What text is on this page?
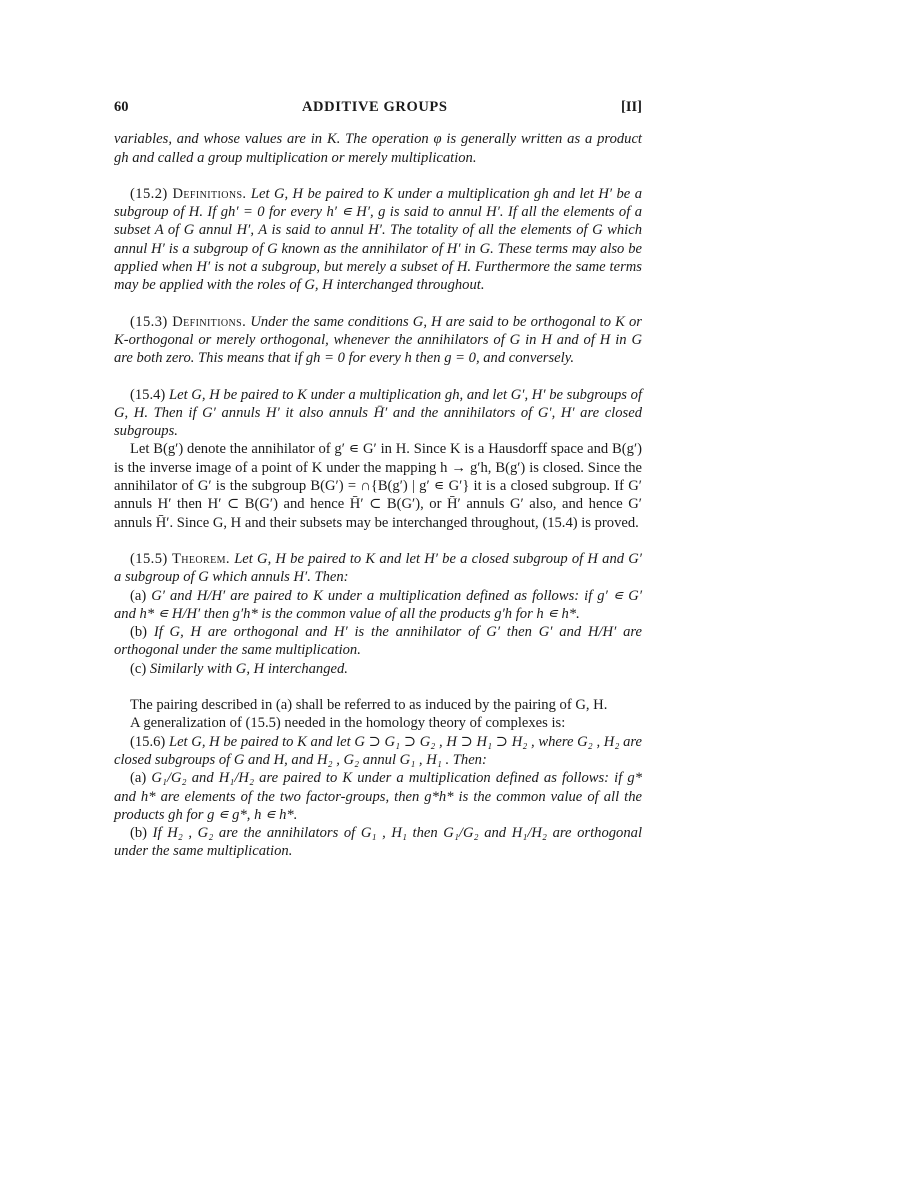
60	ADDITIVE GROUPS	[II]

variables, and whose values are in K. The operation φ is generally written as a product gh and called a group multiplication or merely multiplication.

(15.2) Definitions. Let G, H be paired to K under a multiplication gh and let H′ be a subgroup of H. If gh′ = 0 for every h′ ∊ H′, g is said to annul H′. If all the elements of a subset A of G annul H′, A is said to annul H′. The totality of all the elements of G which annul H′ is a subgroup of G known as the annihilator of H′ in G. These terms may also be applied when H′ is not a subgroup, but merely a subset of H. Furthermore the same terms may be applied with the roles of G, H interchanged throughout.

(15.3) Definitions. Under the same conditions G, H are said to be orthogonal to K or K-orthogonal or merely orthogonal, whenever the annihilators of G in H and of H in G are both zero. This means that if gh = 0 for every h then g = 0, and conversely.

(15.4) Let G, H be paired to K under a multiplication gh, and let G′, H′ be subgroups of G, H. Then if G′ annuls H′ it also annuls H̄′ and the annihilators of G′, H′ are closed subgroups.

Let B(g′) denote the annihilator of g′ ∊ G′ in H. Since K is a Hausdorff space and B(g′) is the inverse image of a point of K under the mapping h → g′h, B(g′) is closed. Since the annihilator of G′ is the subgroup B(G′) = ∩{B(g′) | g′ ∊ G′} it is a closed subgroup. If G′ annuls H′ then H′ ⊂ B(G′) and hence H̄′ ⊂ B(G′), or H̄′ annuls G′ also, and hence G′ annuls H̄′. Since G, H and their subsets may be interchanged throughout, (15.4) is proved.

(15.5) Theorem. Let G, H be paired to K and let H′ be a closed subgroup of H and G′ a subgroup of G which annuls H′. Then:

(a) G′ and H/H′ are paired to K under a multiplication defined as follows: if g′ ∊ G′ and h* ∊ H/H′ then g′h* is the common value of all the products g′h for h ∊ h*.

(b) If G, H are orthogonal and H′ is the annihilator of G′ then G′ and H/H′ are orthogonal under the same multiplication.

(c) Similarly with G, H interchanged.

The pairing described in (a) shall be referred to as induced by the pairing of G, H.

A generalization of (15.5) needed in the homology theory of complexes is:

(15.6) Let G, H be paired to K and let G ⊃ G₁ ⊃ G₂ , H ⊃ H₁ ⊃ H₂ , where G₂ , H₂ are closed subgroups of G and H, and H₂ , G₂ annul G₁ , H₁ . Then:

(a) G₁/G₂ and H₁/H₂ are paired to K under a multiplication defined as follows: if g* and h* are elements of the two factor-groups, then g*h* is the common value of all the products gh for g ∊ g*, h ∊ h*.

(b) If H₂ , G₂ are the annihilators of G₁ , H₁ then G₁/G₂ and H₁/H₂ are orthogonal under the same multiplication.
